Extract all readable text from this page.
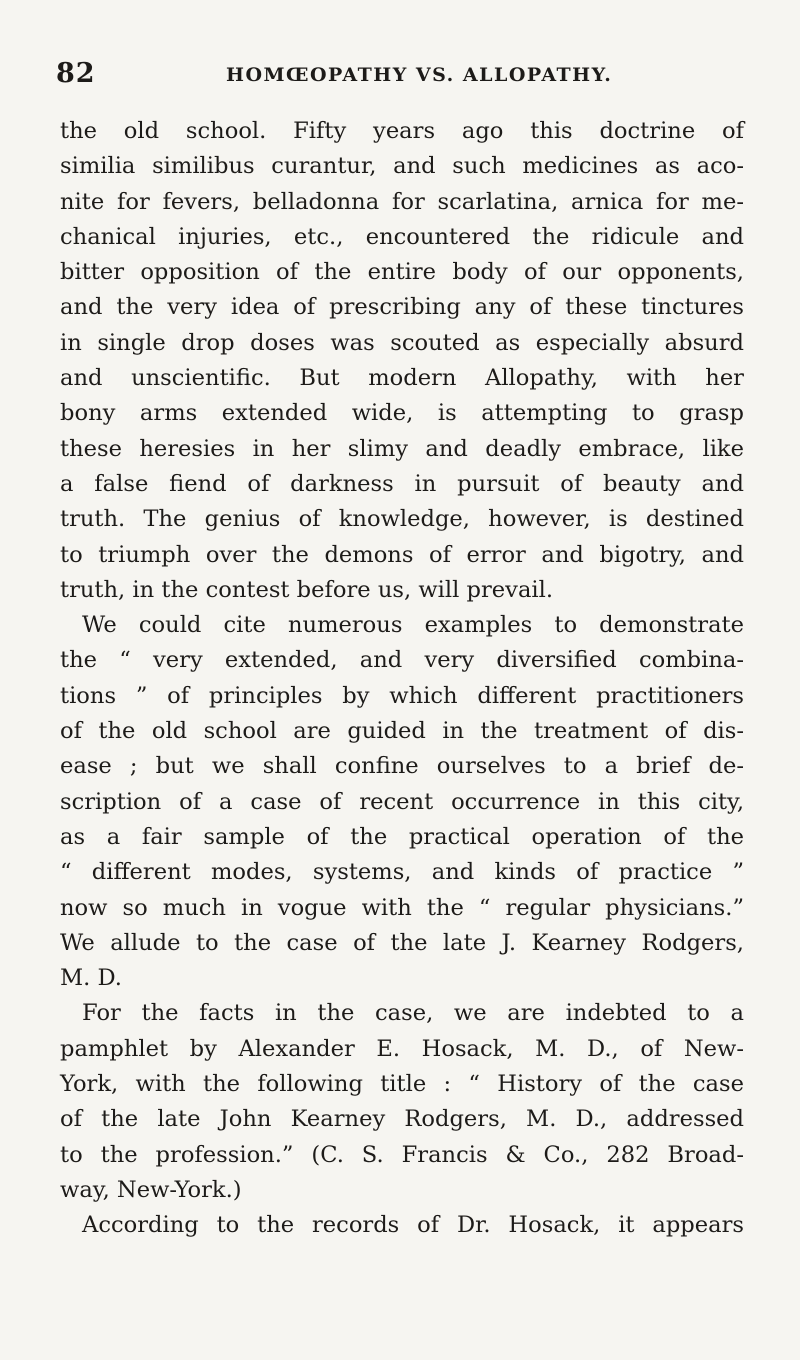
82	HOMŒOPATHY VS. ALLOPATHY.
the old school. Fifty years ago this doctrine of
similia similibus curantur, and such medicines as aco-
nite for fevers, belladonna for scarlatina, arnica for me-
chanical injuries, etc., encountered the ridicule and
bitter opposition of the entire body of our opponents,
and the very idea of prescribing any of these tinctures
in single drop doses was scouted as especially absurd
and unscientific. But modern Allopathy, with her
bony arms extended wide, is attempting to grasp
these heresies in her slimy and deadly embrace, like
a false fiend of darkness in pursuit of beauty and
truth. The genius of knowledge, however, is destined
to triumph over the demons of error and bigotry, and
truth, in the contest before us, will prevail.
We could cite numerous examples to demonstrate
the “ very extended, and very diversified combina-
tions ” of principles by which different practitioners
of the old school are guided in the treatment of dis-
ease ; but we shall confine ourselves to a brief de-
scription of a case of recent occurrence in this city,
as a fair sample of the practical operation of the
“ different modes, systems, and kinds of practice ”
now so much in vogue with the “ regular physicians.”
We allude to the case of the late J. Kearney Rodgers,
M. D.
For the facts in the case, we are indebted to a
pamphlet by Alexander E. Hosack, M. D., of New-
York, with the following title : “ History of the case
of the late John Kearney Rodgers, M. D., addressed
to the profession.” (C. S. Francis & Co., 282 Broad-
way, New-York.)
According to the records of Dr. Hosack, it appears
